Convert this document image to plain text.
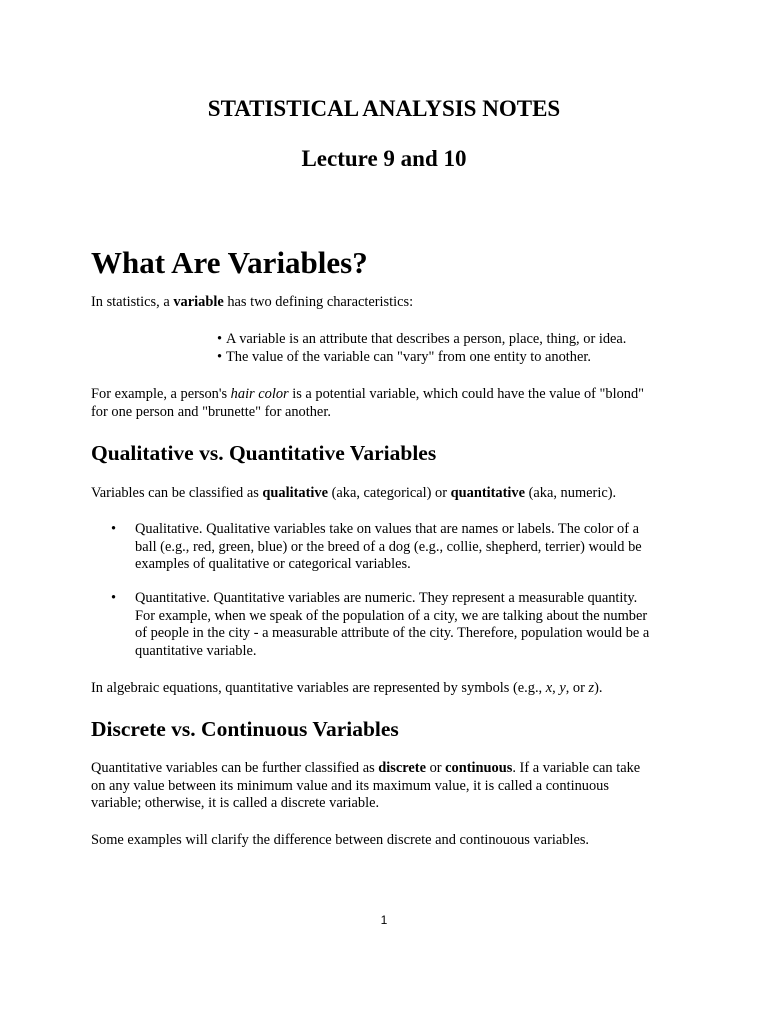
STATISTICAL ANALYSIS NOTES
Lecture 9 and 10
What Are Variables?

In statistics, a variable has two defining characteristics:

• A variable is an attribute that describes a person, place, thing, or idea.
• The value of the variable can "vary" from one entity to another.

For example, a person's hair color is a potential variable, which could have the value of "blond"
for one person and "brunette" for another.

Qualitative vs. Quantitative Variables

Variables can be classified as qualitative (aka, categorical) or quantitative (aka, numeric).

• Qualitative. Qualitative variables take on values that are names or labels. The color of a
ball (e.g., red, green, blue) or the breed of a dog (e.g., collie, shepherd, terrier) would be
examples of qualitative or categorical variables.
• Quantitative. Quantitative variables are numeric. They represent a measurable quantity.
For example, when we speak of the population of a city, we are talking about the number
of people in the city - a measurable attribute of the city. Therefore, population would be a
quantitative variable.

In algebraic equations, quantitative variables are represented by symbols (e.g., x, y, or z).

Discrete vs. Continuous Variables

Quantitative variables can be further classified as discrete or continuous. If a variable can take
on any value between its minimum value and its maximum value, it is called a continuous
variable; otherwise, it is called a discrete variable.

Some examples will clarify the difference between discrete and continouous variables.

1
